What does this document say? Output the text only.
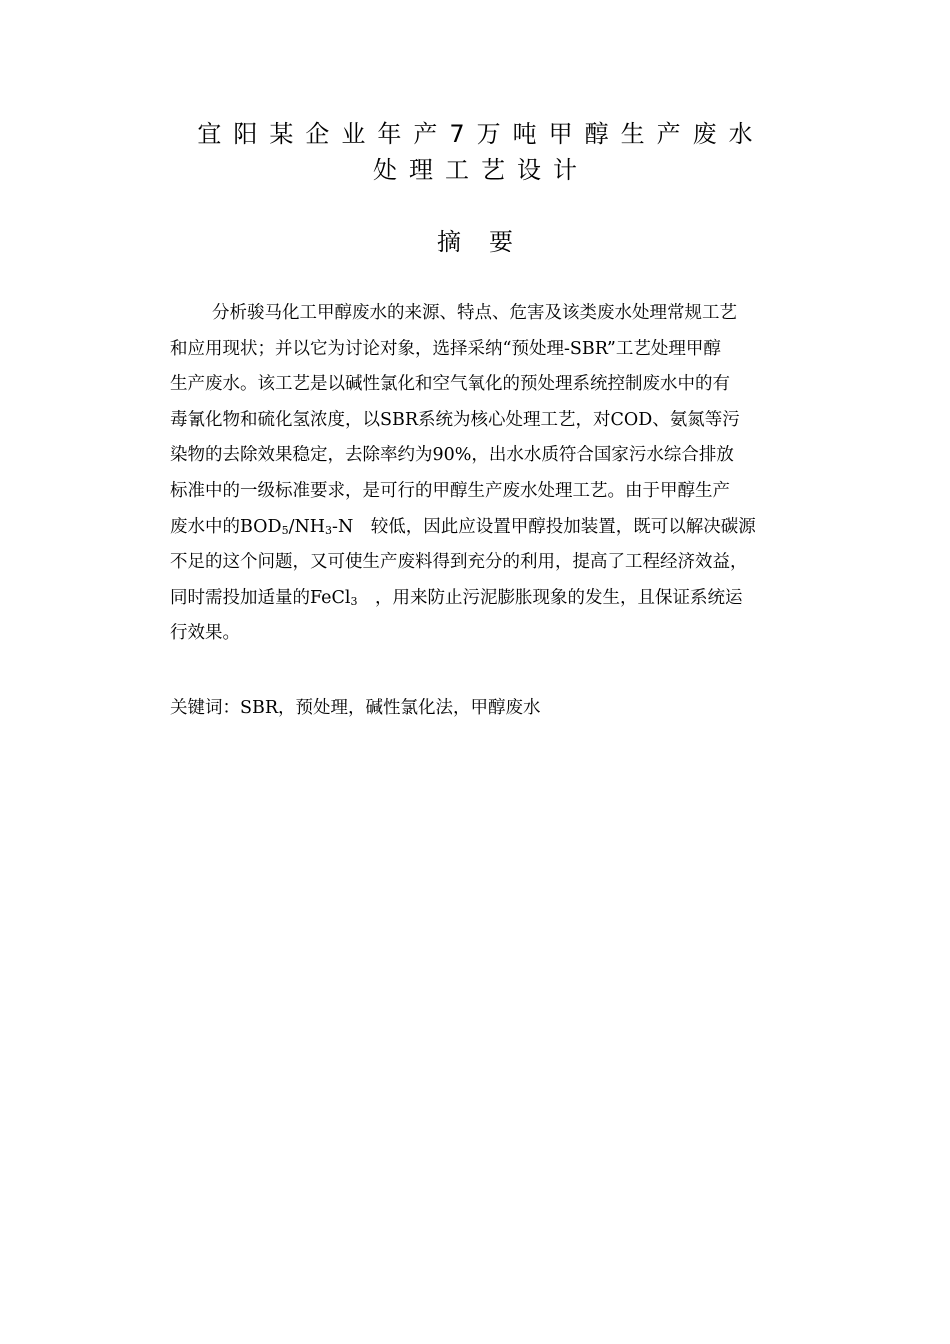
宜阳某企业年产7万吨甲醇生产废水
处理工艺设计
摘要
分析骏马化工甲醇废水的来源、特点、危害及该类废水处理常规工艺
和应用现状；并以它为讨论对象，选择采纳“预处理-SBR”工艺处理甲醇
生产废水。该工艺是以碱性氯化和空气氧化的预处理系统控制废水中的有
毒氰化物和硫化氢浓度，以SBR系统为核心处理工艺，对COD、氨氮等污
染物的去除效果稳定，去除率约为90%，出水水质符合国家污水综合排放
标准中的一级标准要求，是可行的甲醇生产废水处理工艺。由于甲醇生产
废水中的$BOD_5/NH_3-N$　较低，因此应设置甲醇投加装置，既可以解决碳源
不足的这个问题，又可使生产废料得到充分的利用，提高了工程经济效益，
同时需投加适量的FeCl$_3$　，用来防止污泥膨胀现象的发生，且保证系统运
行效果。
关键词：SBR，预处理，碱性氯化法，甲醇废水
